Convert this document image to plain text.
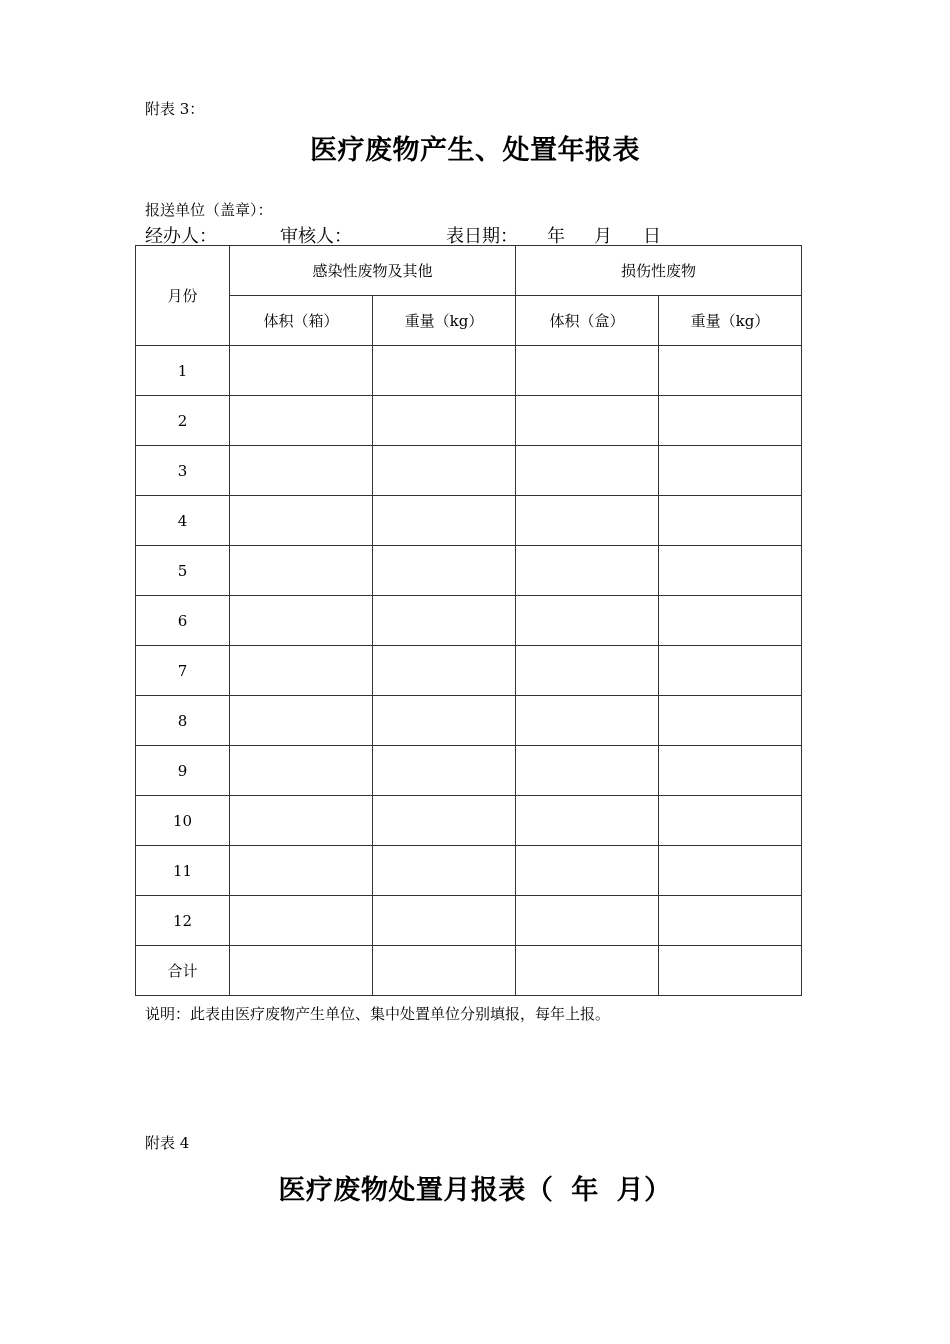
附表 3：
医疗废物产生、处置年报表
报送单位（盖章）：
经办人：	审核人：	表日期： 年 月 日
月份	感染性废物及其他		损伤性废物	
	体积（箱）	重量（kg）	体积（盒）	重量（kg）
1				
2				
3				
4				
5				
6				
7				
8				
9				
10				
11				
12				
合计				
说明：此表由医疗废物产生单位、集中处置单位分别填报，每年上报。
附表 4
医疗废物处置月报表（ 年 月）
